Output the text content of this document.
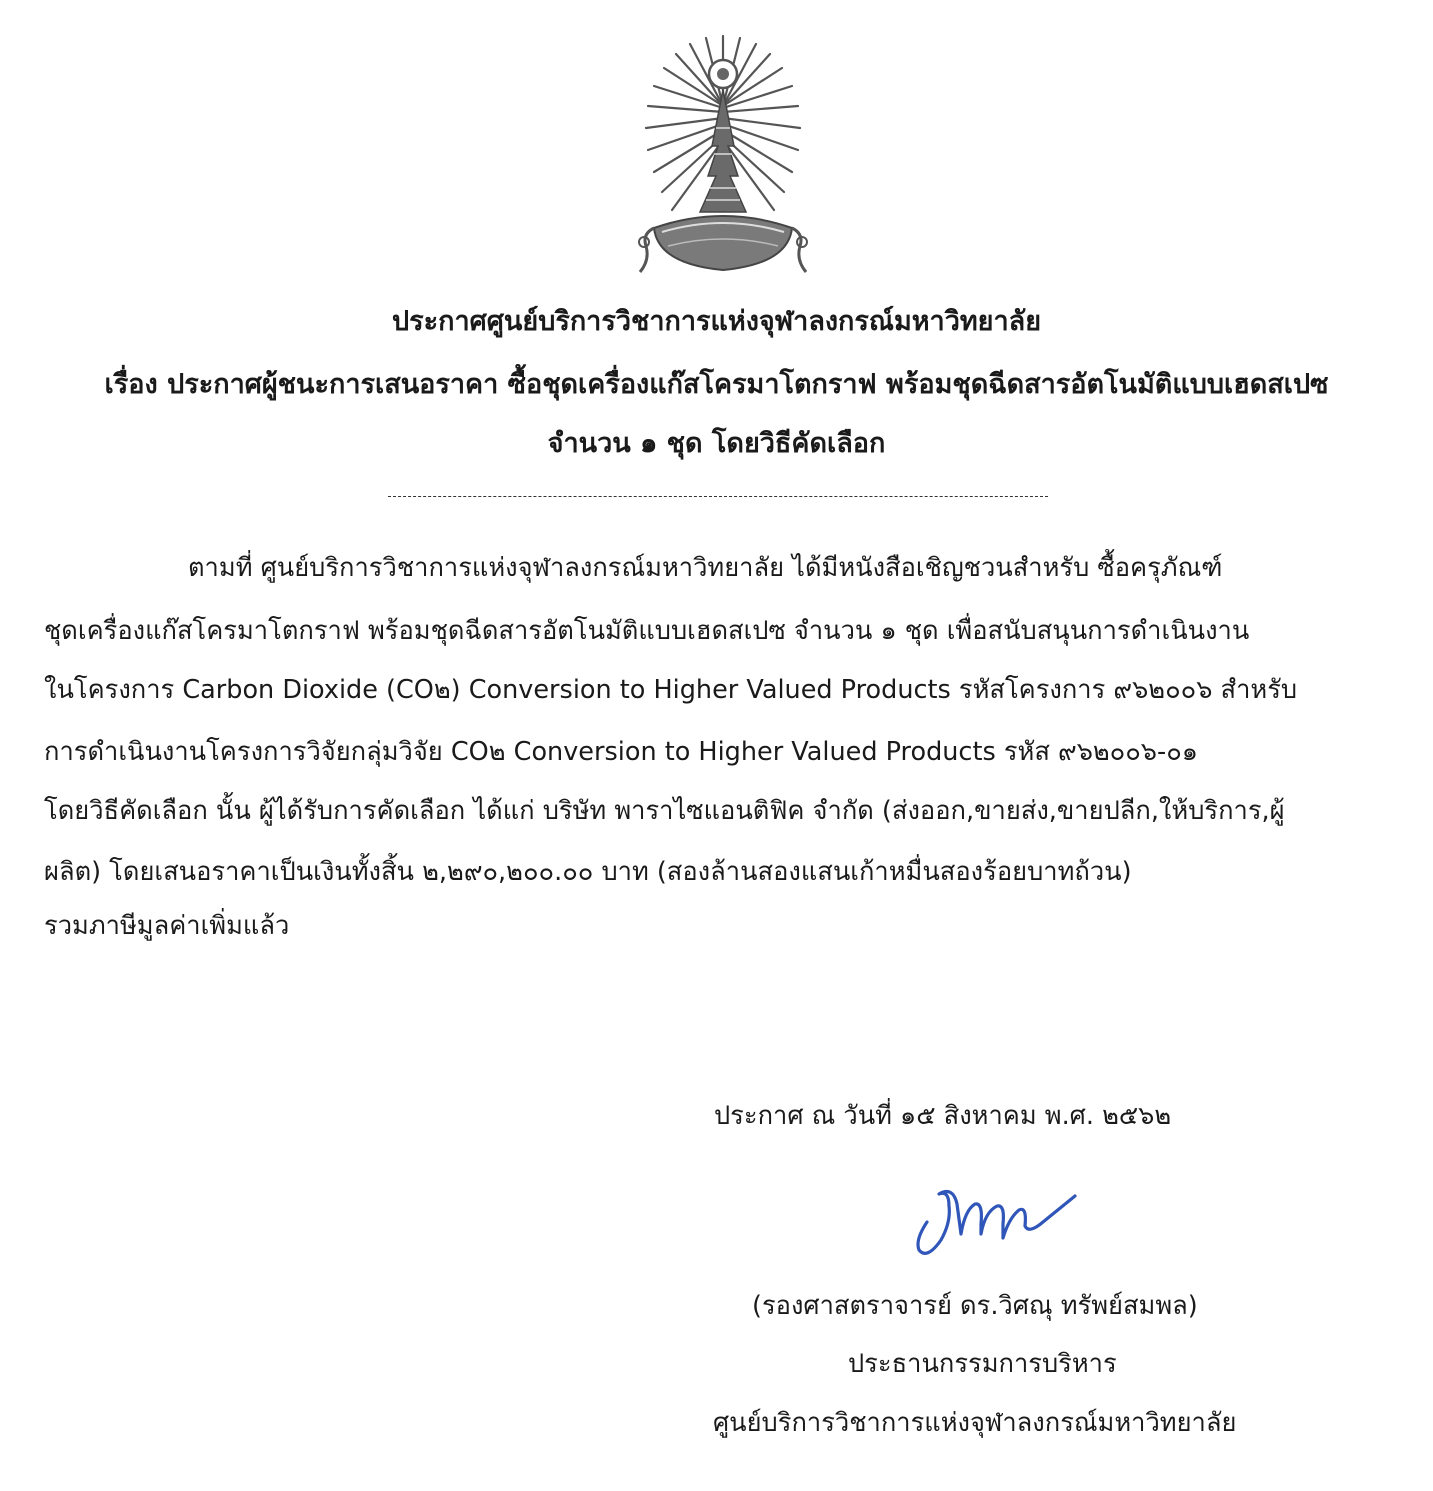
ประกาศศูนย์บริการวิชาการแห่งจุฬาลงกรณ์มหาวิทยาลัย
เรื่อง ประกาศผู้ชนะการเสนอราคา ซื้อชุดเครื่องแก๊สโครมาโตกราฟ พร้อมชุดฉีดสารอัตโนมัติแบบเฮดสเปซ
จำนวน ๑ ชุด โดยวิธีคัดเลือก
ตามที่ ศูนย์บริการวิชาการแห่งจุฬาลงกรณ์มหาวิทยาลัย ได้มีหนังสือเชิญชวนสำหรับ ซื้อครุภัณฑ์
ชุดเครื่องแก๊สโครมาโตกราฟ พร้อมชุดฉีดสารอัตโนมัติแบบเฮดสเปซ จำนวน ๑ ชุด เพื่อสนับสนุนการดำเนินงาน
ในโครงการ Carbon Dioxide (CO๒) Conversion to Higher Valued Products รหัสโครงการ ๙๖๒๐๐๖ สำหรับ
การดำเนินงานโครงการวิจัยกลุ่มวิจัย CO๒ Conversion to Higher Valued Products รหัส ๙๖๒๐๐๖-๐๑
โดยวิธีคัดเลือก นั้น ผู้ได้รับการคัดเลือก ได้แก่ บริษัท พาราไซแอนติฟิค จำกัด (ส่งออก,ขายส่ง,ขายปลีก,ให้บริการ,ผู้
ผลิต) โดยเสนอราคาเป็นเงินทั้งสิ้น ๒,๒๙๐,๒๐๐.๐๐ บาท (สองล้านสองแสนเก้าหมื่นสองร้อยบาทถ้วน)
รวมภาษีมูลค่าเพิ่มแล้ว
ประกาศ ณ วันที่ ๑๕ สิงหาคม พ.ศ. ๒๕๖๒
(รองศาสตราจารย์ ดร.วิศณุ ทรัพย์สมพล)
ประธานกรรมการบริหาร
ศูนย์บริการวิชาการแห่งจุฬาลงกรณ์มหาวิทยาลัย
